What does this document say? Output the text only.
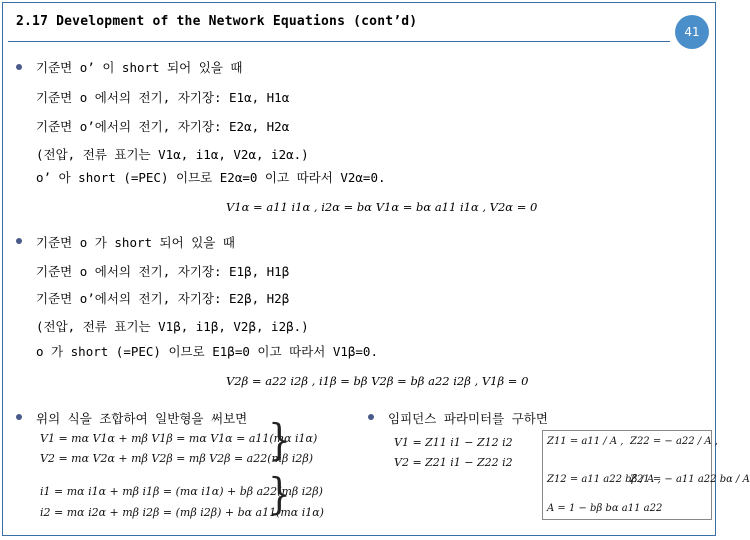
2.17 Development of the Network Equations (cont’d)
41
기준면 o’ 이 short 되어 있을 때
기준면 o 에서의 전기, 자기장: E1α, H1α
기준면 o’에서의 전기, 자기장: E2α, H2α
(전압, 전류 표기는 V1α, i1α, V2α, i2α.)
o’ 아 short (=PEC) 이므로 E2α=0 이고 따라서 V2α=0.
V1α = a11 i1α , i2α = bα V1α = bα a11 i1α , V2α = 0
기준면 o 가 short 되어 있을 때
기준면 o 에서의 전기, 자기장: E1β, H1β
기준면 o’에서의 전기, 자기장: E2β, H2β
(전압, 전류 표기는 V1β, i1β, V2β, i2β.)
o 가 short (=PEC) 이므로 E1β=0 이고 따라서 V1β=0.
V2β = a22 i2β , i1β = bβ V2β = bβ a22 i2β , V1β = 0
위의 식을 조합하여 일반형을 써보면
V1 = mα V1α + mβ V1β = mα V1α = a11(mα i1α)
V2 = mα V2α + mβ V2β = mβ V2β = a22(mβ i2β)
}
i1 = mα i1α + mβ i1β = (mα i1α) + bβ a22(mβ i2β)
i2 = mα i2α + mβ i2β = (mβ i2β) + bα a11(mα i1α)
}
임피던스 파라미터를 구하면
V1 = Z11 i1 − Z12 i2
V2 = Z21 i1 − Z22 i2
Z11 = a11 / A , Z22 = − a22 / A ,
Z12 = a11 a22 bβ / A ,
Z21 = − a11 a22 bα / A
A = 1 − bβ bα a11 a22
